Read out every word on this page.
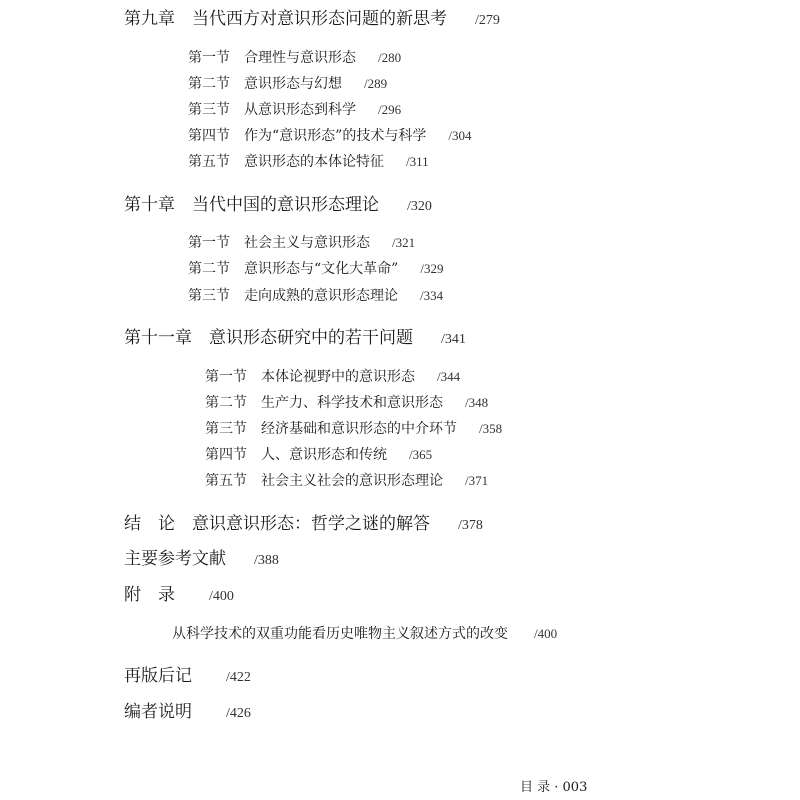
第九章　当代西方对意识形态问题的新思考 /279
第一节 合理性与意识形态 /280
第二节 意识形态与幻想 /289
第三节 从意识形态到科学 /296
第四节 作为“意识形态”的技术与科学 /304
第五节 意识形态的本体论特征 /311
第十章　当代中国的意识形态理论 /320
第一节 社会主义与意识形态 /321
第二节 意识形态与“文化大革命” /329
第三节 走向成熟的意识形态理论 /334
第十一章　意识形态研究中的若干问题 /341
第一节 本体论视野中的意识形态 /344
第二节 生产力、科学技术和意识形态 /348
第三节 经济基础和意识形态的中介环节 /358
第四节 人、意识形态和传统 /365
第五节 社会主义社会的意识形态理论 /371
结　论　意识意识形态：哲学之谜的解答 /378
主要参考文献 /388
附　录 /400
从科学技术的双重功能看历史唯物主义叙述方式的改变 /400
再版后记 /422
编者说明 /426
目 录 · 003
